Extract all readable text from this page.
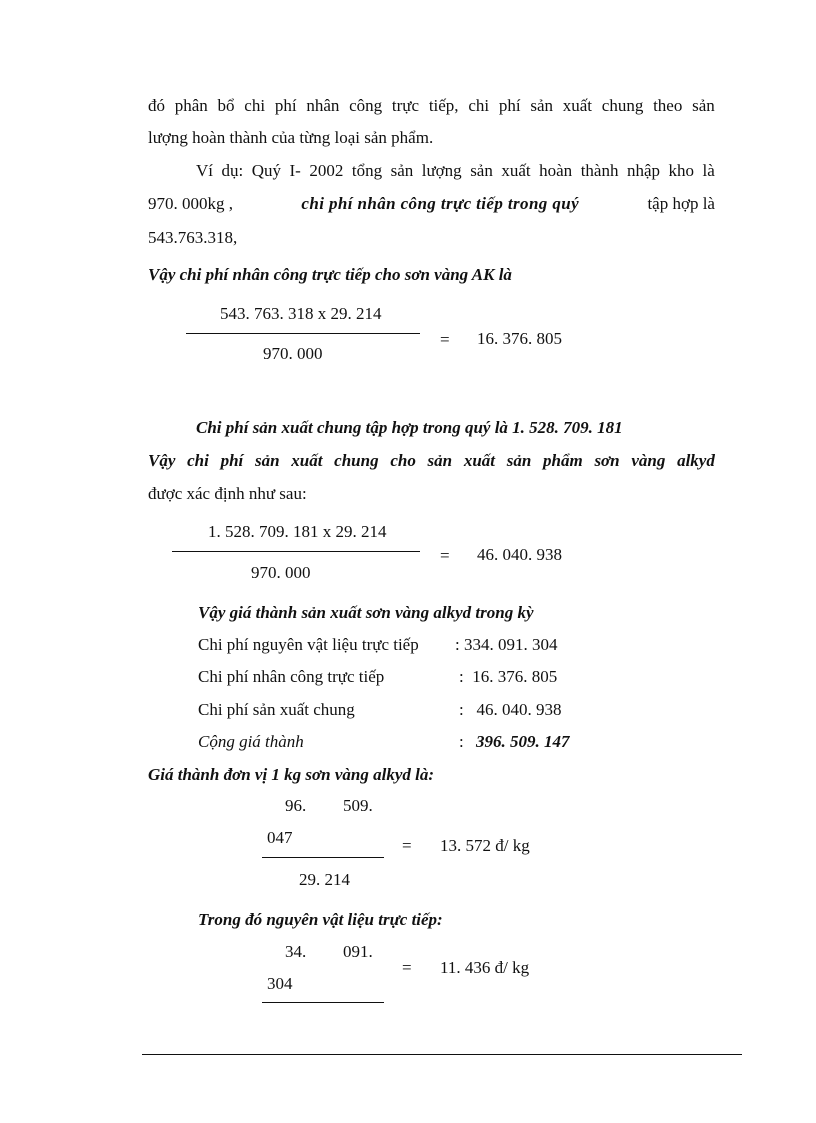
đó phân bổ chi phí nhân công trực tiếp, chi phí sản xuất chung theo sản
lượng hoàn thành của từng loại sản phẩm.
Ví dụ: Quý I- 2002 tổng sản lượng sản xuất hoàn thành nhập kho là
970. 000kg ,	chi phí nhân công trực tiếp trong quý	tập hợp là
543.763.318,
Vậy chi phí nhân công trực tiếp cho sơn vàng AK là
543. 763. 318 x 29. 214
970. 000
= 16. 376. 805
Chi phí sản xuất chung tập hợp trong quý là 1. 528. 709. 181
Vậy chi phí sản xuất chung cho sản xuất sản phẩm sơn vàng alkyd
được xác định như sau:
1. 528. 709. 181 x 29. 214
970. 000
= 46. 040. 938
Vậy giá thành sản xuất sơn vàng alkyd trong kỳ
Chi phí nguyên vật liệu trực tiếp : 334. 091. 304
Chi phí nhân công trực tiếp	:  16. 376. 805
Chi phí sản xuất chung	:   46. 040. 938
Cộng giá thành	: 396. 509. 147
Giá thành đơn vị 1 kg sơn vàng alkyd là:
96. 509.
047
29. 214
= 13. 572 đ/ kg
Trong đó nguyên vật liệu trực tiếp:
34. 091.
304
= 11. 436 đ/ kg
